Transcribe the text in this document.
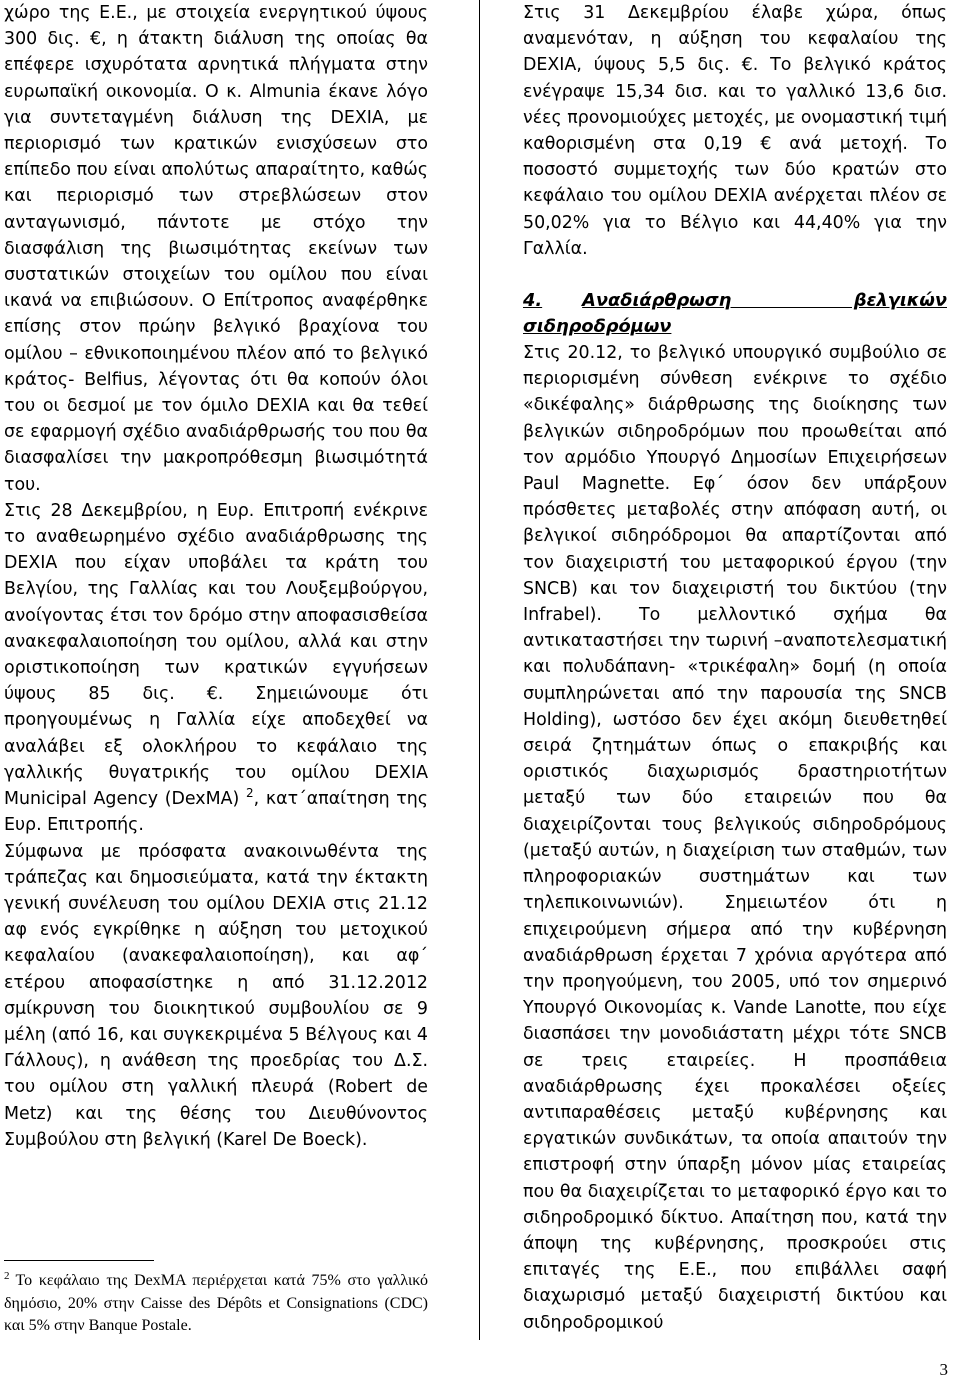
χώρο της Ε.Ε., με στοιχεία ενεργητικού ύψους 300 δις. €, η άτακτη διάλυση της οποίας θα επέφερε ισχυρότατα αρνητικά πλήγματα στην ευρωπαϊκή οικονομία. Ο κ. Almunia έκανε λόγο για συντεταγμένη διάλυση της DEXIA, με περιορισμό των κρατικών ενισχύσεων στο επίπεδο που είναι απολύτως απαραίτητο, καθώς και περιορισμό των στρεβλώσεων στον ανταγωνισμό, πάντοτε με στόχο την διασφάλιση της βιωσιμότητας εκείνων των συστατικών στοιχείων του ομίλου που είναι ικανά να επιβιώσουν. Ο Επίτροπος αναφέρθηκε επίσης στον πρώην βελγικό βραχίονα του ομίλου – εθνικοποιημένου πλέον από το βελγικό κράτος- Belfius, λέγοντας ότι θα κοπούν όλοι του οι δεσμοί με τον όμιλο DEXIA και θα τεθεί σε εφαρμογή σχέδιο αναδιάρθρωσής του που θα διασφαλίσει την μακροπρόθεσμη βιωσιμότητά του.

Στις 28 Δεκεμβρίου, η Ευρ. Επιτροπή ενέκρινε το αναθεωρημένο σχέδιο αναδιάρθρωσης της DEXIA που είχαν υποβάλει τα κράτη του Βελγίου, της Γαλλίας και του Λουξεμβούργου, ανοίγοντας έτσι τον δρόμο στην αποφασισθείσα ανακεφαλαιοποίηση του ομίλου, αλλά και στην οριστικοποίηση των κρατικών εγγυήσεων ύψους 85 δις. €. Σημειώνουμε ότι προηγουμένως η Γαλλία είχε αποδεχθεί να αναλάβει εξ ολοκλήρου το κεφάλαιο της γαλλικής θυγατρικής του ομίλου DEXIA Municipal Agency (DexMA) $^2$, κατ΄απαίτηση της Ευρ. Επιτροπής.

Σύμφωνα με πρόσφατα ανακοινωθέντα της τράπεζας και δημοσιεύματα, κατά την έκτακτη γενική συνέλευση του ομίλου DEXIA στις 21.12 αφ ενός εγκρίθηκε η αύξηση του μετοχικού κεφαλαίου (ανακεφαλαιοποίηση), και αφ΄ ετέρου αποφασίστηκε η από 31.12.2012 σμίκρυνση του διοικητικού συμβουλίου σε 9 μέλη (από 16, και συγκεκριμένα 5 Βέλγους και 4 Γάλλους), η ανάθεση της προεδρίας του Δ.Σ. του ομίλου στη γαλλική πλευρά (Robert de Metz) και της θέσης του Διευθύνοντος Συμβούλου στη βελγική (Karel De Boeck).

$^2$ Το κεφάλαιο της DexMA περιέρχεται κατά 75% στο γαλλικό δημόσιο, 20% στην Caisse des Dépôts et Consignations (CDC) και 5% στην Banque Postale.

Στις 31 Δεκεμβρίου έλαβε χώρα, όπως αναμενόταν, η αύξηση του κεφαλαίου της DEXIA, ύψους 5,5 δις. €. Το βελγικό κράτος ενέγραψε 15,34 δισ. και το γαλλικό 13,6 δισ. νέες προνομιούχες μετοχές, με ονομαστική τιμή καθορισμένη στα 0,19 € ανά μετοχή. Το ποσοστό συμμετοχής των δύο κρατών στο κεφάλαιο του ομίλου DEXIA ανέρχεται πλέον σε 50,02% για το Βέλγιο και 44,40% για την Γαλλία.

4. Αναδιάρθρωση βελγικών σιδηροδρόμων

Στις 20.12, το βελγικό υπουργικό συμβούλιο σε περιορισμένη σύνθεση ενέκρινε το σχέδιο «δικέφαλης» διάρθρωσης της διοίκησης των βελγικών σιδηροδρόμων που προωθείται από τον αρμόδιο Υπουργό Δημοσίων Επιχειρήσεων Paul Magnette. Εφ΄ όσον δεν υπάρξουν πρόσθετες μεταβολές στην απόφαση αυτή, οι βελγικοί σιδηρόδρομοι θα απαρτίζονται από τον διαχειριστή του μεταφορικού έργου (την SNCB) και τον διαχειριστή του δικτύου (την Infrabel). Το μελλοντικό σχήμα θα αντικαταστήσει την τωρινή –αναποτελεσματική και πολυδάπανη- «τρικέφαλη» δομή (η οποία συμπληρώνεται από την παρουσία της SNCB Holding), ωστόσο δεν έχει ακόμη διευθετηθεί σειρά ζητημάτων όπως ο επακριβής και οριστικός διαχωρισμός δραστηριοτήτων μεταξύ των δύο εταιρειών που θα διαχειρίζονται τους βελγικούς σιδηροδρόμους (μεταξύ αυτών, η διαχείριση των σταθμών, των πληροφοριακών συστημάτων και των τηλεπικοινωνιών). Σημειωτέον ότι η επιχειρούμενη σήμερα από την κυβέρνηση αναδιάρθρωση έρχεται 7 χρόνια αργότερα από την προηγούμενη, του 2005, υπό τον σημερινό Υπουργό Οικονομίας κ. Vande Lanotte, που είχε διασπάσει την μονοδιάστατη μέχρι τότε SNCB σε τρεις εταιρείες. Η προσπάθεια αναδιάρθρωσης έχει προκαλέσει οξείες αντιπαραθέσεις μεταξύ κυβέρνησης και εργατικών συνδικάτων, τα οποία απαιτούν την επιστροφή στην ύπαρξη μόνον μίας εταιρείας που θα διαχειρίζεται το μεταφορικό έργο και το σιδηροδρομικό δίκτυο. Απαίτηση που, κατά την άποψη της κυβέρνησης, προσκρούει στις επιταγές της Ε.Ε., που επιβάλλει σαφή διαχωρισμό μεταξύ διαχειριστή δικτύου και σιδηροδρομικού

3
